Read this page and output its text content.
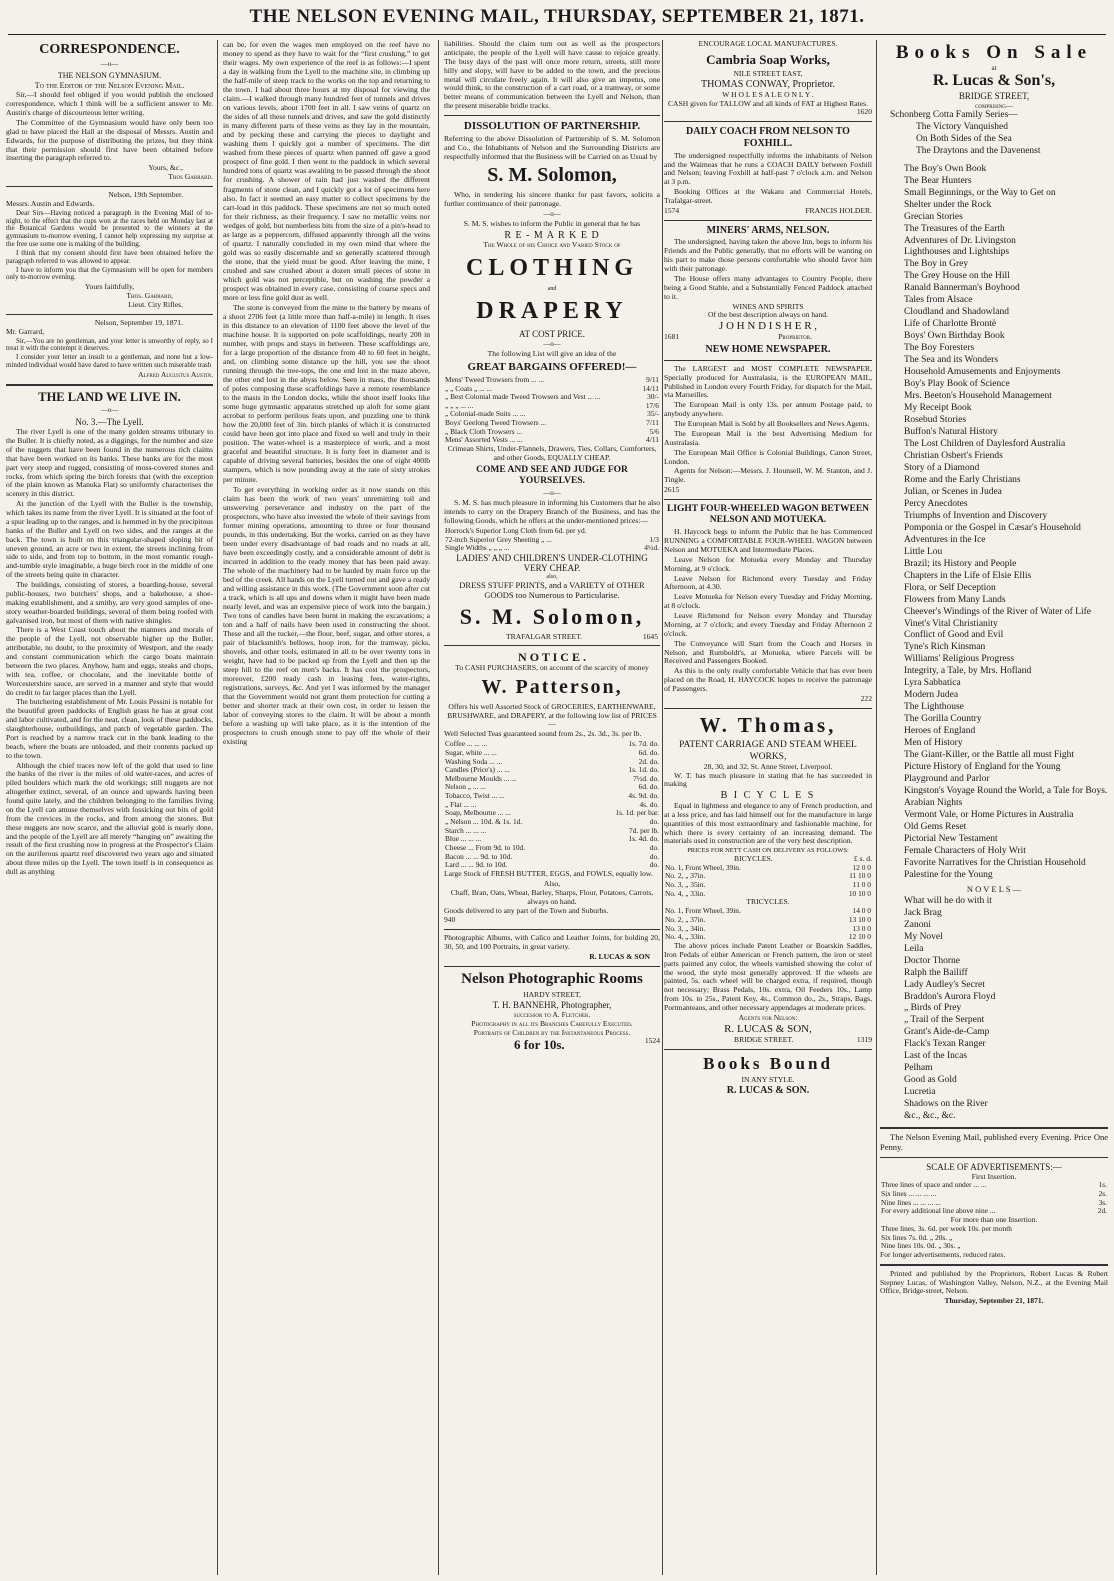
THE NELSON EVENING MAIL, THURSDAY, SEPTEMBER 21, 1871.
CORRESPONDENCE.
—o—
THE NELSON GYMNASIUM.
To the Editor of the Nelson Evening Mail.

Sir,—I should feel obliged if you would publish the enclosed correspondence, which I think will be a sufficient answer to Mr. Austin's charge of discourteous letter writing.

The Committee of the Gymnasium would have only been too glad to have placed the Hall at the disposal of Messrs. Austin and Edwards, for the purpose of distributing the prizes, but they think that their permission should first have been obtained before inserting the paragraph referred to.

Yours, &c.,
Thos Garrard.
Nelson, 19th September.

Messrs. Austin and Edwards.

Dear Sirs—Having noticed a paragraph in the Evening Mail of to-night, to the effect that the cups won at the races held on Monday last at the Botanical Gardens would be presented to the winners at the gymnasium to-morrow evening, I cannot help expressing my surprise at the free use some one is making of the building.

I think that my consent should first have been obtained before the paragraph referred to was allowed to appear.

I have to inform you that the Gymnasium will be open for members only to-morrow evening.

Yours faithfully,
Thos. Garrard,
Lieut. City Rifles.
Nelson, September 19, 1871.

Mr. Garrard,

Sir,—You are no gentleman, and your letter is unworthy of reply, so I treat it with the contempt it deserves.

I consider your letter an insult to a gentleman, and none but a low-minded individual would have dared to have written such miserable trash

Alfred Augustus Austin.
THE LAND WE LIVE IN.
—o—
No. 3.—The Lyell.

The river Lyell is one of the many golden streams tributary to the Buller. It is chiefly noted, as a diggings, for the number and size of the nuggets that have been found in the numerous rich claims that have been worked on its banks. These banks are for the most part very steep and rugged, consisting of moss-covered stones and rocks, from which spring the birch forests that (with the exception of the plain known as Manuka Flat) so uniformly characterises the scenery in this district.

At the junction of the Lyell with the Buller is the township, which takes its name from the river Lyell. It is situated at the foot of a spur leading up to the ranges, and is hemmed in by the precipitous banks of the Buller and Lyell on two sides, and the ranges at the back. The town is built on this triangular-shaped sloping bit of uneven ground, an acre or two in extent, the streets inclining from side to side, and from top to bottom, in the most romantic rough-and-tumble style imaginable, a huge birch root in the middle of one of the streets being quite in character.

The buildings, consisting of stores, a boarding-house, several public-houses, two butchers' shops, and a bakehouse, a shoe-making establishment, and a smithy, are very good samples of one-story weather-boarded buildings, several of them being roofed with galvanised iron, but most of them with native shingles.

There is a West Coast touch about the manners and morals of the people of the Lyell, not observable higher up the Buller, attributable, no doubt, to the proximity of Westport, and the ready and constant communication which the cargo boats maintain between the two places. Anyhow, ham and eggs, steaks and chops, with tea, coffee, or chocolate, and the inevitable bottle of Worcestershire sauce, are served in a manner and style that would do credit to far larger places than the Lyell.

The butchering establishment of Mr. Louis Pessini is notable for the beautiful green paddocks of English grass he has at great cost and labor cultivated, and for the neat, clean, look of these paddocks, slaughterhouse, outbuildings, and patch of vegetable garden. The Port is reached by a narrow track cut in the bank leading to the beach, where the boats are unloaded, and their contents packed up to the town.

Although the chief traces now left of the gold that used to line the banks of the river is the miles of old water-races, and acres of piled boulders which mark the old workings; still nuggets are not altogether extinct, several, of an ounce and upwards having been found quite lately, and the children belonging to the families living on the Lyell can amuse themselves with fossicking out bits of gold from the crevices in the rocks, and from among the stones. But these nuggets are now scarce, and the alluvial gold is nearly done, and the people of the Lyell are all merely “hanging on” awaiting the result of the first crushing now in progress at the Prospector's Claim on the auriferous quartz reef discovered two years ago and situated about three miles up the Lyell. The town itself is in consequence as dull as anything

can be, for even the wages men employed on the reef have no money to spend as they have to wait for the “first crushing,” to get their wages. My own experience of the reef is as follows:—I spent a day in walking from the Lyell to the machine site, in climbing up the half-mile of steep track to the works on the top and returning to the town. I had about three hours at my disposal for viewing the claim.—I walked through many hundred feet of tunnels and drives on various levels, about 1700 feet in all. I saw veins of quartz on the sides of all these tunnels and drives, and saw the gold distinctly in many different parts of these veins as they lay in the mountain, and by pecking these and carrying the pieces to daylight and washing them I quickly got a number of specimens. The dirt washed from these pieces of quartz when panned off gave a good prospect of fine gold. I then went to the paddock in which several hundred tons of quartz was awaiting to be passed through the shoot for crushing. A shower of rain had just washed the different fragments of stone clean, and I quickly got a lot of specimens here also. In fact it seemed an easy matter to collect specimens by the cart-load in this paddock. These specimens are not so much noted for their richness, as their frequency. I saw no metallic veins nor wedges of gold, but numberless bits from the size of a pin's-head to as large as a peppercorn, diffused apparently through all the veins of quartz. I naturally concluded in my own mind that where the gold was so easily discernable and so generally scattered through the stone, that the yield must be good. After leaving the mine, I crushed and saw crushed about a dozen small pieces of stone in which gold was not perceptible, but on washing the powder a prospect was obtained in every case, consisting of coarse specs and more or less fine gold dust as well.

The stone is conveyed from the mine to the battery by means of a shoot 2706 feet (a little more than half-a-mile) in length. It rises in this distance to an elevation of 1100 feet above the level of the machine house. It is supported on pole scaffoldings, nearly 200 in number, with props and stays in between. These scaffoldings are, for a large proportion of the distance from 40 to 60 feet in height, and, on climbing some distance up the hill, you see the shoot running through the tree-tops, the one end lost in the maze above, the other end lost in the abyss below. Seen in mass, the thousands of poles composing these scaffoldings have a remote resemblance to the masts in the London docks, while the shoot itself looks like some huge gymnastic apparatus stretched up aloft for some giant acrobat to perform perilous feats upon, and puzzling one to think how the 20,000 feet of 3in. birch planks of which it is constructed could have been got into place and fixed so well and truly in their position. The water-wheel is a masterpiece of work, and a most graceful and beautiful structure. It is forty feet in diameter and is capable of driving several batteries, besides the one of eight 400lb stampers, which is now pounding away at the rate of sixty strokes per minute.

To get everything in working order as it now stands on this claim has been the work of two years' unremitting toil and unswerving perseverance and industry on the part of the prospectors, who have also invested the whole of their savings from former mining operations, amounting to three or four thousand pounds, in this undertaking. But the works, carried on as they have been under every disadvantage of bad roads and no roads at all, have been exceedingly costly, and a considerable amount of debt is incurred in addition to the ready money that has been paid away. The whole of the machinery had to be hauled by main force up the bed of the creek. All hands on the Lyell turned out and gave a ready and willing assistance in this work. (The Government soon after cut a track, which is all ups and downs when it might have been made nearly level, and was an expensive piece of work into the bargain.) Two tons of candles have been burnt in making the excavations; a ton and a half of nails have been used in constructing the shoot. These and all the tucker,—the flour, beef, sugar, and other stores, a pair of blacksmith's bellows, hoop iron, for the tramway, picks, shovels, and other tools, estimated in all to be over twenty tons in weight, have had to be packed up from the Lyell and then up the steep hill to the reef on men's backs. It has cost the prospectors, moreover, £200 ready cash in leasing fees, water-rights, registrations, surveys, &c. And yet I was informed by the manager that the Government would not grant them protection for cutting a better and shorter track at their own cost, in order to lessen the labor of conveying stores to the claim. It will be about a month before a washing up will take place, as it is the intention of the prospectors to crush enough stone to pay off the whole of their existing

liabilities. Should the claim turn out as well as the prospectors anticipate, the people of the Lyell will have cause to rejoice greatly. The busy days of the past will once more return, streets, still more hilly and slopy, will have to be added to the town, and the precious metal will circulate freely again. It will also give an impetus, one would think, to the construction of a cart road, or a tramway, or some better means of communication between the Lyell and Nelson, than the present miserable bridle tracks.

DISSOLUTION OF PARTNERSHIP.

Referring to the above Dissolution of Partnership of S. M. Solomon and Co., the Inhabitants of Nelson and the Surrounding Districts are respectfully informed that the Business will be Carried on as Usual by

S. M. Solomon,

Who, in tendering his sincere thanks for past favors, solicits a further continuance of their patronage.

—o—

S. M. S. wishes to inform the Public in general that he has

R E - M A R K E D
The Whole of his Choice and Varied Stock of
CLOTHING
and
DRAPERY
AT COST PRICE.
—o—
The following List will give an idea of the
GREAT BARGAINS OFFERED!—
Mens' Tweed Trowsers from ... ...	9/11
„ „ Coats „ ... ...	14/11
„ Best Colonial made Tweed Trowsers and Vest ... ...	30/-
„ „ „ ... ...	17/6
„ Colonial-made Suits ... ...	35/-
Boys' Geelong Tweed Trowsers ...	7/11
„ Black Cloth Trowsers ...	5/6
Mens' Assorted Vests ... ...	4/11
Crimean Shirts, Under-Flannels, Drawers, Ties, Collars, Comforters, and other Goods, EQUALLY CHEAP.
COME AND SEE AND JUDGE FOR YOURSELVES.
—o—

S. M. S. has much pleasure in informing his Customers that he also intends to carry on the Drapery Branch of the Business, and has the following Goods, which he offers at the under-mentioned prices:—

Horrock's Superior Long Cloth from 6d. per yd.	
72-inch Superior Grey Sheeting „ ...	1/3
Single Widths „ „ „ ...	4½d.
LADIES' AND CHILDREN'S UNDER-CLOTHING VERY CHEAP.
also,
DRESS STUFF PRINTS, and a VARIETY of OTHER GOODS too Numerous to Particularise.
S. M. Solomon,
TRAFALGAR STREET.	1645
N O T I C E .
To CASH PURCHASERS, on account of the scarcity of money
W. Patterson,

Offers his well Assorted Stock of GROCERIES, EARTHENWARE, BRUSHWARE, and DRAPERY, at the following low list of PRICES—

Well Selected Teas guaranteed sound from 2s., 2s. 3d., 3s. per lb.

Coffee ... ... ...	1s. 7d. do.
Sugar, white ... ...	6d. do.
Washing Soda ... ...	2d. do.
Candles (Price's) ... ...	1s. 1d. do.
Melbourne Moulds ... ...	7½d. do.
Nelson „ ... ...	6d. do.
Tobacco, Twist ... ...	4s. 9d. do.
„ Flat ... ...	4s. do.
Soap, Melbourne ... ...	1s. 1d. per bar.
„ Nelson ... 10d. & 1s. 1d.	do.
Starch ... ... ...	7d. per lb.
Blue ... ... ...	1s. 4d. do.
Cheese ... From 9d. to 10d.	do.
Bacon ... ... 9d. to 10d.	do.
Lard ... ... 9d. to 10d.	do.

Large Stock of FRESH BUTTER, EGGS, and FOWLS, equally low.

Also,
Chaff, Bran, Oats, Wheat, Barley, Sharps, Flour, Potatoes, Carrots, always on hand.

Goods delivered to any part of the Town and Suburbs.

940

Photographic Albums, with Calico and Leather Joints, for holding 20, 30, 50, and 100 Portraits, in great variety.

R. LUCAS & SON
Nelson Photographic Rooms
HARDY STREET,
T. H. BANNEHR, Photographer,
successor to A. Fletcher.
Photography in all its Branches Carefully Executed.
Portraits of Children by the Instantaneous Process.
6 for 10s.	1524
ENCOURAGE LOCAL MANUFACTURES.
Cambria Soap Works,
NILE STREET EAST,
THOMAS CONWAY, Proprietor.
W H O L E S A L E O N L Y .
CASH given for TALLOW and all kinds of FAT at Highest Rates.
1620
DAILY COACH FROM NELSON TO FOXHILL.

The undersigned respectfully informs the inhabitants of Nelson and the Waimeas that he runs a COACH DAILY between Foxhill and Nelson; leaving Foxhill at half-past 7 o'clock a.m. and Nelson at 3 p.m.

Booking Offices at the Wakatu and Commercial Hotels, Trafalgar-street.

1574	FRANCIS HOLDER.
MINERS' ARMS, NELSON.

The undersigned, having taken the above Inn, begs to inform his Friends and the Public generally, that no efforts will be wanting on his part to make those persons comfortable who should favor him with their patronage.

The House offers many advantages to Country People, there being a Good Stable, and a Substantially Fenced Paddock attached to it.

WINES AND SPIRITS
Of the best description always on hand.
J O H N D I S H E R ,
1681	Proprietor.
NEW HOME NEWSPAPER.

The LARGEST and MOST COMPLETE NEWSPAPER, Specially produced for Australasia, is the EUROPEAN MAIL, Published in London every Fourth Friday, for dispatch for the Mail, via Marseilles.

The European Mail is only 13s. per annum Postage paid, to anybody anywhere.

The European Mail is Sold by all Booksellers and News Agents.

The European Mail is the best Advertising Medium for Australasia.

The European Mail Office is Colonial Buildings, Canon Street, London.

Agents for Nelson:—Messrs. J. Hounsell, W. M. Stanton, and J. Tingle.

2615
LIGHT FOUR-WHEELED WAGON BETWEEN NELSON AND MOTUEKA.

H. Haycock begs to inform the Public that he has Commenced RUNNING a COMFORTABLE FOUR-WHEEL WAGON between Nelson and MOTUEKA and Intermediate Places.

Leave Nelson for Motueka every Monday and Thursday Morning, at 9 o'clock.

Leave Nelson for Richmond every Tuesday and Friday Afternoon, at 4.30.

Leave Motueka for Nelson every Tuesday and Friday Morning, at 8 o'clock.

Leave Richmond for Nelson every Monday and Thursday Morning, at 7 o'clock; and every Tuesday and Friday Afternoon 2 o'clock.

The Conveyance will Start from the Coach and Horses in Nelson, and Rumboldt's, at Motueka, where Parcels will be Received and Passengers Booked.

As this is the only really comfortable Vehicle that has ever been placed on the Road, H. HAYCOCK hopes to receive the patronage of Passengers.

222
W. Thomas,
PATENT CARRIAGE AND STEAM WHEEL WORKS,
28, 30, and 32, St. Anne Street, Liverpool.

W. T. has much pleasure in stating that he has succeeded in making

B I C Y C L E S

Equal in lightness and elegance to any of French production, and at a less price, and has laid himself out for the manufacture in large quantities of this most extraordinary and fashionable machine, for which there is every certainty of an increasing demand. The materials used in construction are of the very best description.

PRICES FOR NETT CASH ON DELIVERY AS FOLLOWS:
BICYCLES.	£ s. d.
No. 1, Front Wheel, 39in.	12 0 0
No. 2, „ 37in.	11 10 0
No. 3, „ 35in.	11 0 0
No. 4, „ 33in.	10 10 0
TRICYCLES.
No. 1, Front Wheel, 39in.	14 0 0
No. 2, „ 37in.	13 10 0
No. 3, „ 34in.	13 0 0
No. 4, „ 33in.	12 10 0

The above prices include Patent Leather or Boarskin Saddles, Iron Pedals of either American or French pattern, the iron or steel parts painted any color, the wheels varnished showing the color of the wood, the style most generally approved. If the wheels are painted, 5s. each wheel will be charged extra, if required, though not necessary; Brass Pedals, 10s. extra, Oil Feeders 10s., Lamp from 10s. to 25s., Patent Key, 4s., Common do., 2s., Straps, Bags, Portmanteaus, and other necessary appendages at moderate prices.

Agents for Nelson:
R. LUCAS & SON,
BRIDGE STREET.	1319
Books Bound
IN ANY STYLE.
R. LUCAS & SON.
Books On Sale
at
R. Lucas & Son's,
BRIDGE STREET,
comprising—
Schonberg Cotta Family Series—
The Victory Vanquished
On Both Sides of the Sea
The Draytons and the Davenenst
The Boy's Own Book
The Bear Hunters
Small Beginnings, or the Way to Get on
Shelter under the Rock
Grecian Stories
The Treasures of the Earth
Adventures of Dr. Livingston
Lighthouses and Lightships
The Boy in Grey
The Grey House on the Hill
Ranald Bannerman's Boyhood
Tales from Alsace
Cloudland and Shadowland
Life of Charlotte Brontë
Boys' Own Birthday Book
The Boy Foresters
The Sea and its Wonders
Household Amusements and Enjoyments
Boy's Play Book of Science
Mrs. Beeton's Household Management
My Receipt Book
Rosebud Stories
Buffon's Natural History
The Lost Children of Daylesford Australia
Christian Osbert's Friends
Story of a Diamond
Rome and the Early Christians
Julian, or Scenes in Judea
Percy Anecdotes
Triumphs of Invention and Discovery
Pomponia or the Gospel in Cæsar's Household
Adventures in the Ice
Little Lou
Brazil; its History and People
Chapters in the Life of Elsie Ellis
Flora, or Self Deception
Flowers from Many Lands
Cheever's Windings of the River of Water of Life
Vinet's Vital Christianity
Conflict of Good and Evil
Tyne's Rich Kinsman
Williams' Religious Progress
Integrity, a Tale, by Mrs. Hofland
Lyra Sabbatica
Modern Judea
The Lighthouse
The Gorilla Country
Heroes of England
Men of History
The Giant-Killer, or the Battle all must Fight
Picture History of England for the Young
Playground and Parlor
Kingston's Voyage Round the World, a Tale for Boys.
Arabian Nights
Vermont Vale, or Home Pictures in Australia
Old Gems Reset
Pictorial New Testament
Female Characters of Holy Writ
Favorite Narratives for the Christian Household
Palestine for the Young
N O V E L S —
What will he do with it
Jack Brag
Zanoni
My Novel
Leila
Doctor Thorne
Ralph the Bailiff
Lady Audley's Secret
Braddon's Aurora Floyd
„ Birds of Prey
„ Trail of the Serpent
Grant's Aide-de-Camp
Flack's Texan Ranger
Last of the Incas
Pelham
Good as Gold
Lucretia
Shadows on the River
&c., &c., &c.

The Nelson Evening Mail, published every Evening. Price One Penny.

SCALE OF ADVERTISEMENTS:—
First Insertion.
Three lines of space and under ... ...	1s.
Six lines ... ... ... ...	2s.
Nine lines ... ... ... ...	3s.
For every additional line above nine ...	2d.
For more than one Insertion.
Three lines, 3s. 6d. per week 10s. per month	
Six lines 7s. 0d. „ 20s. „	
Nine lines 10s. 0d. „ 30s. „	
For longer advertisements, reduced rates.

Printed and published by the Proprietors, Robert Lucas & Robert Stepney Lucas, of Washington Valley, Nelson, N.Z., at the Evening Mail Office, Bridge-street, Nelson.

Thursday, September 21, 1871.
